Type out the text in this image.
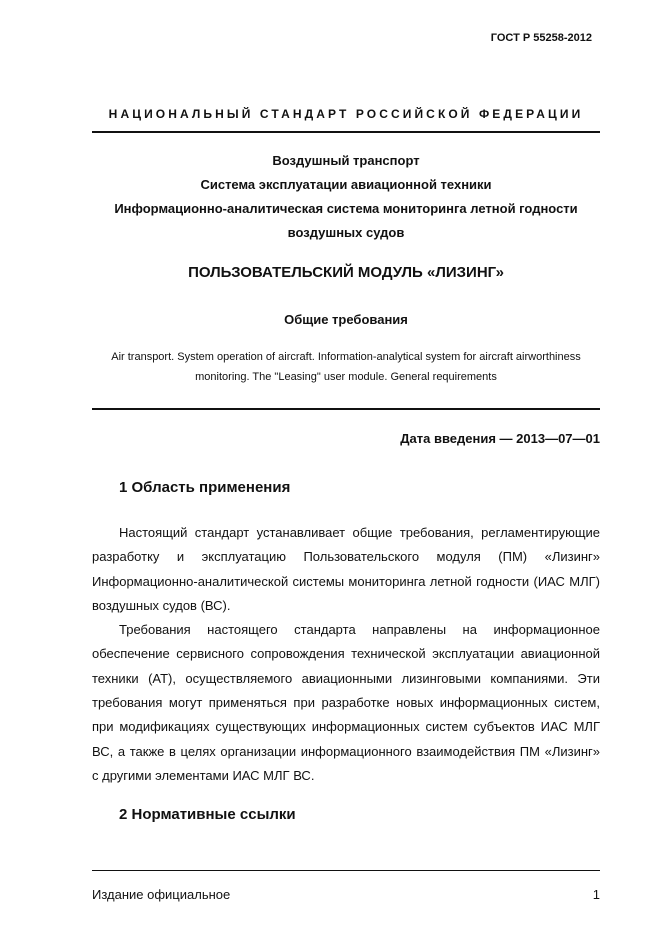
ГОСТ Р 55258-2012
НАЦИОНАЛЬНЫЙ СТАНДАРТ РОССИЙСКОЙ ФЕДЕРАЦИИ

Воздушный транспорт

Система эксплуатации авиационной техники

Информационно-аналитическая система мониторинга летной годности

воздушных судов

ПОЛЬЗОВАТЕЛЬСКИЙ МОДУЛЬ «ЛИЗИНГ»
Общие требования
Air transport. System operation of aircraft. Information-analytical system for aircraft airworthiness monitoring. The "Leasing" user module. General requirements
Дата введения — 2013—07—01
1 Область применения

Настоящий стандарт устанавливает общие требования, регламентирующие разработку и эксплуатацию Пользовательского модуля (ПМ) «Лизинг» Информационно-аналитической системы мониторинга летной годности (ИАС МЛГ) воздушных судов (ВС).

Требования настоящего стандарта направлены на информационное обеспечение сервисного сопровождения технической эксплуатации авиационной техники (АТ), осуществляемого авиационными лизинговыми компаниями. Эти требования могут применяться при разработке новых информационных систем, при модификациях существующих информационных систем субъектов ИАС МЛГ ВС, а также в целях организации информационного взаимодействия ПМ «Лизинг» с другими элементами ИАС МЛГ ВС.

2 Нормативные ссылки
Издание официальное	1
